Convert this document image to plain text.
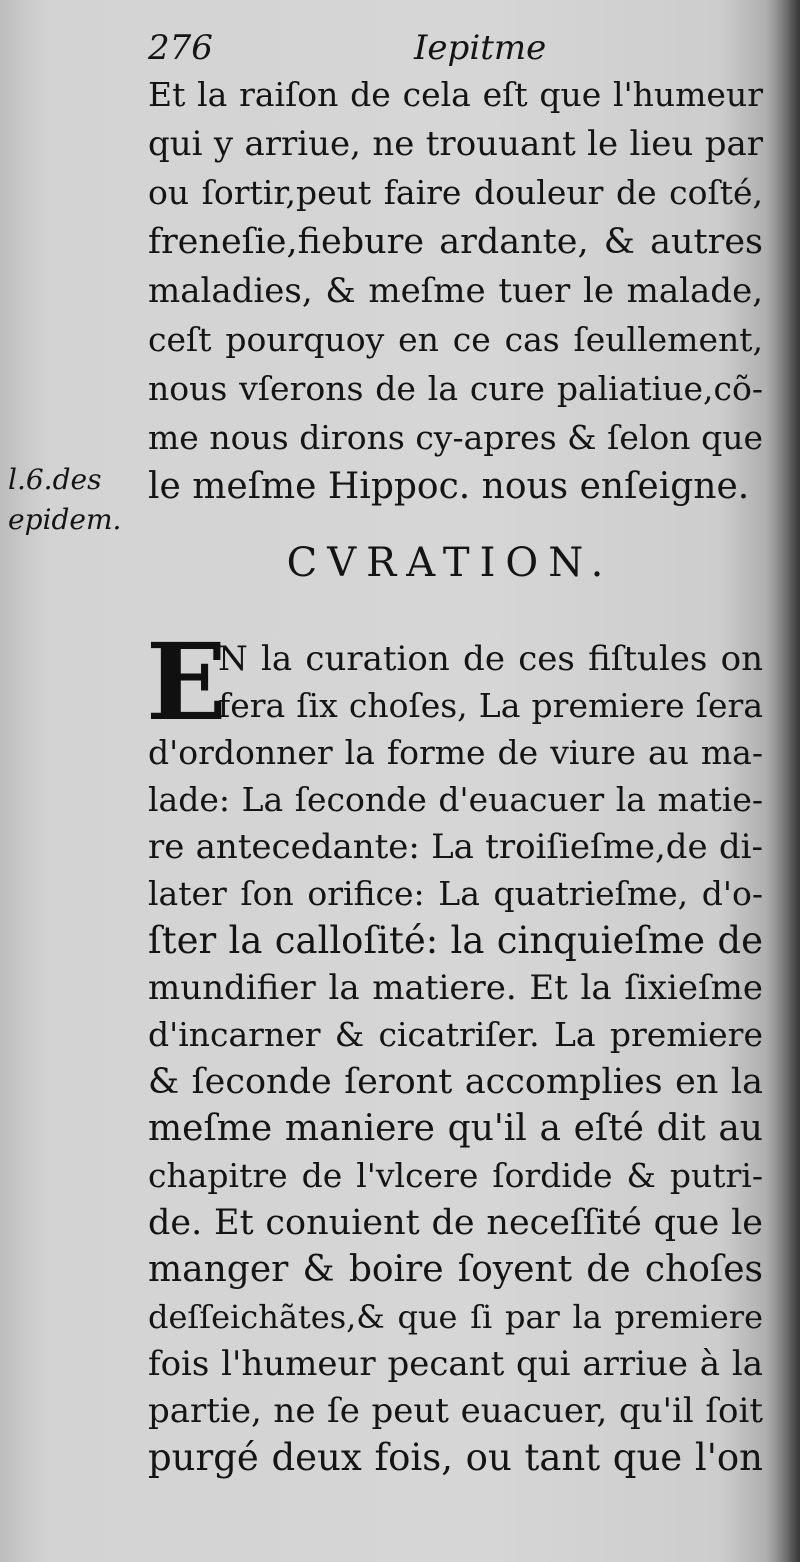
276	Iepitme
Et la raiſon de cela eſt que l'humeur
qui y arriue, ne trouuant le lieu par
ou ſortir,peut faire douleur de coſté,
freneſie,fiebure ardante, & autres
maladies, & meſme tuer le malade,
ceſt pourquoy en ce cas ſeullement,
nous vſerons de la cure paliatiue,cõ-
me nous dirons cy-apres & ſelon que
le meſme Hippoc. nous enſeigne.
l.6.des
epidem.
CVRATION.
E
N la curation de ces fiſtules on
fera ſix choſes, La premiere ſera
d'ordonner la forme de viure au ma-
lade: La ſeconde d'euacuer la matie-
re antecedante: La troiſieſme,de di-
later ſon orifice: La quatrieſme, d'o-
ſter la calloſité: la cinquieſme de
mundifier la matiere. Et la ſixieſme
d'incarner & cicatriſer. La premiere
& ſeconde ſeront accomplies en la
meſme maniere qu'il a eſté dit au
chapitre de l'vlcere ſordide & putri-
de. Et conuient de neceſſité que le
manger & boire ſoyent de choſes
deſſeichãtes,& que ſi par la premiere
fois l'humeur pecant qui arriue à la
partie, ne ſe peut euacuer, qu'il ſoit
purgé deux fois, ou tant que l'on
